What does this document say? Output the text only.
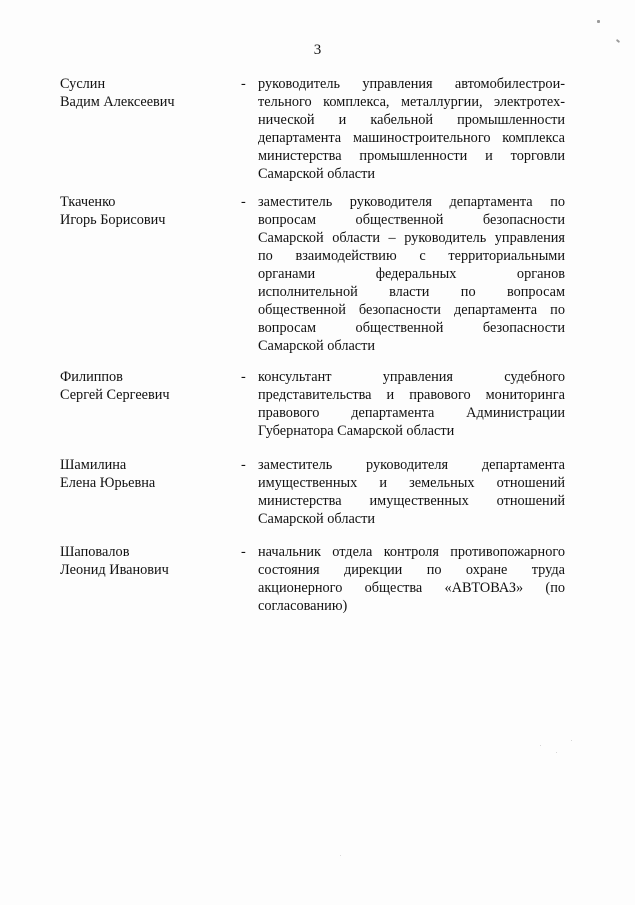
3
Суслин
Вадим Алексеевич
- руководитель управления автомобилестрои-
тельного комплекса, металлургии, электротех-
нической и кабельной промышленности
департамента машиностроительного комплекса
министерства промышленности и торговли
Самарской области
Ткаченко
Игорь Борисович
- заместитель руководителя департамента по
вопросам общественной безопасности
Самарской области – руководитель управления
по взаимодействию с территориальными
органами федеральных органов
исполнительной власти по вопросам
общественной безопасности департамента по
вопросам общественной безопасности
Самарской области
Филиппов
Сергей Сергеевич
- консультант управления судебного
представительства и правового мониторинга
правового департамента Администрации
Губернатора Самарской области
Шамилина
Елена Юрьевна
- заместитель руководителя департамента
имущественных и земельных отношений
министерства имущественных отношений
Самарской области
Шаповалов
Леонид Иванович
- начальник отдела контроля противопожарного
состояния дирекции по охране труда
акционерного общества «АВТОВАЗ» (по
согласованию)
